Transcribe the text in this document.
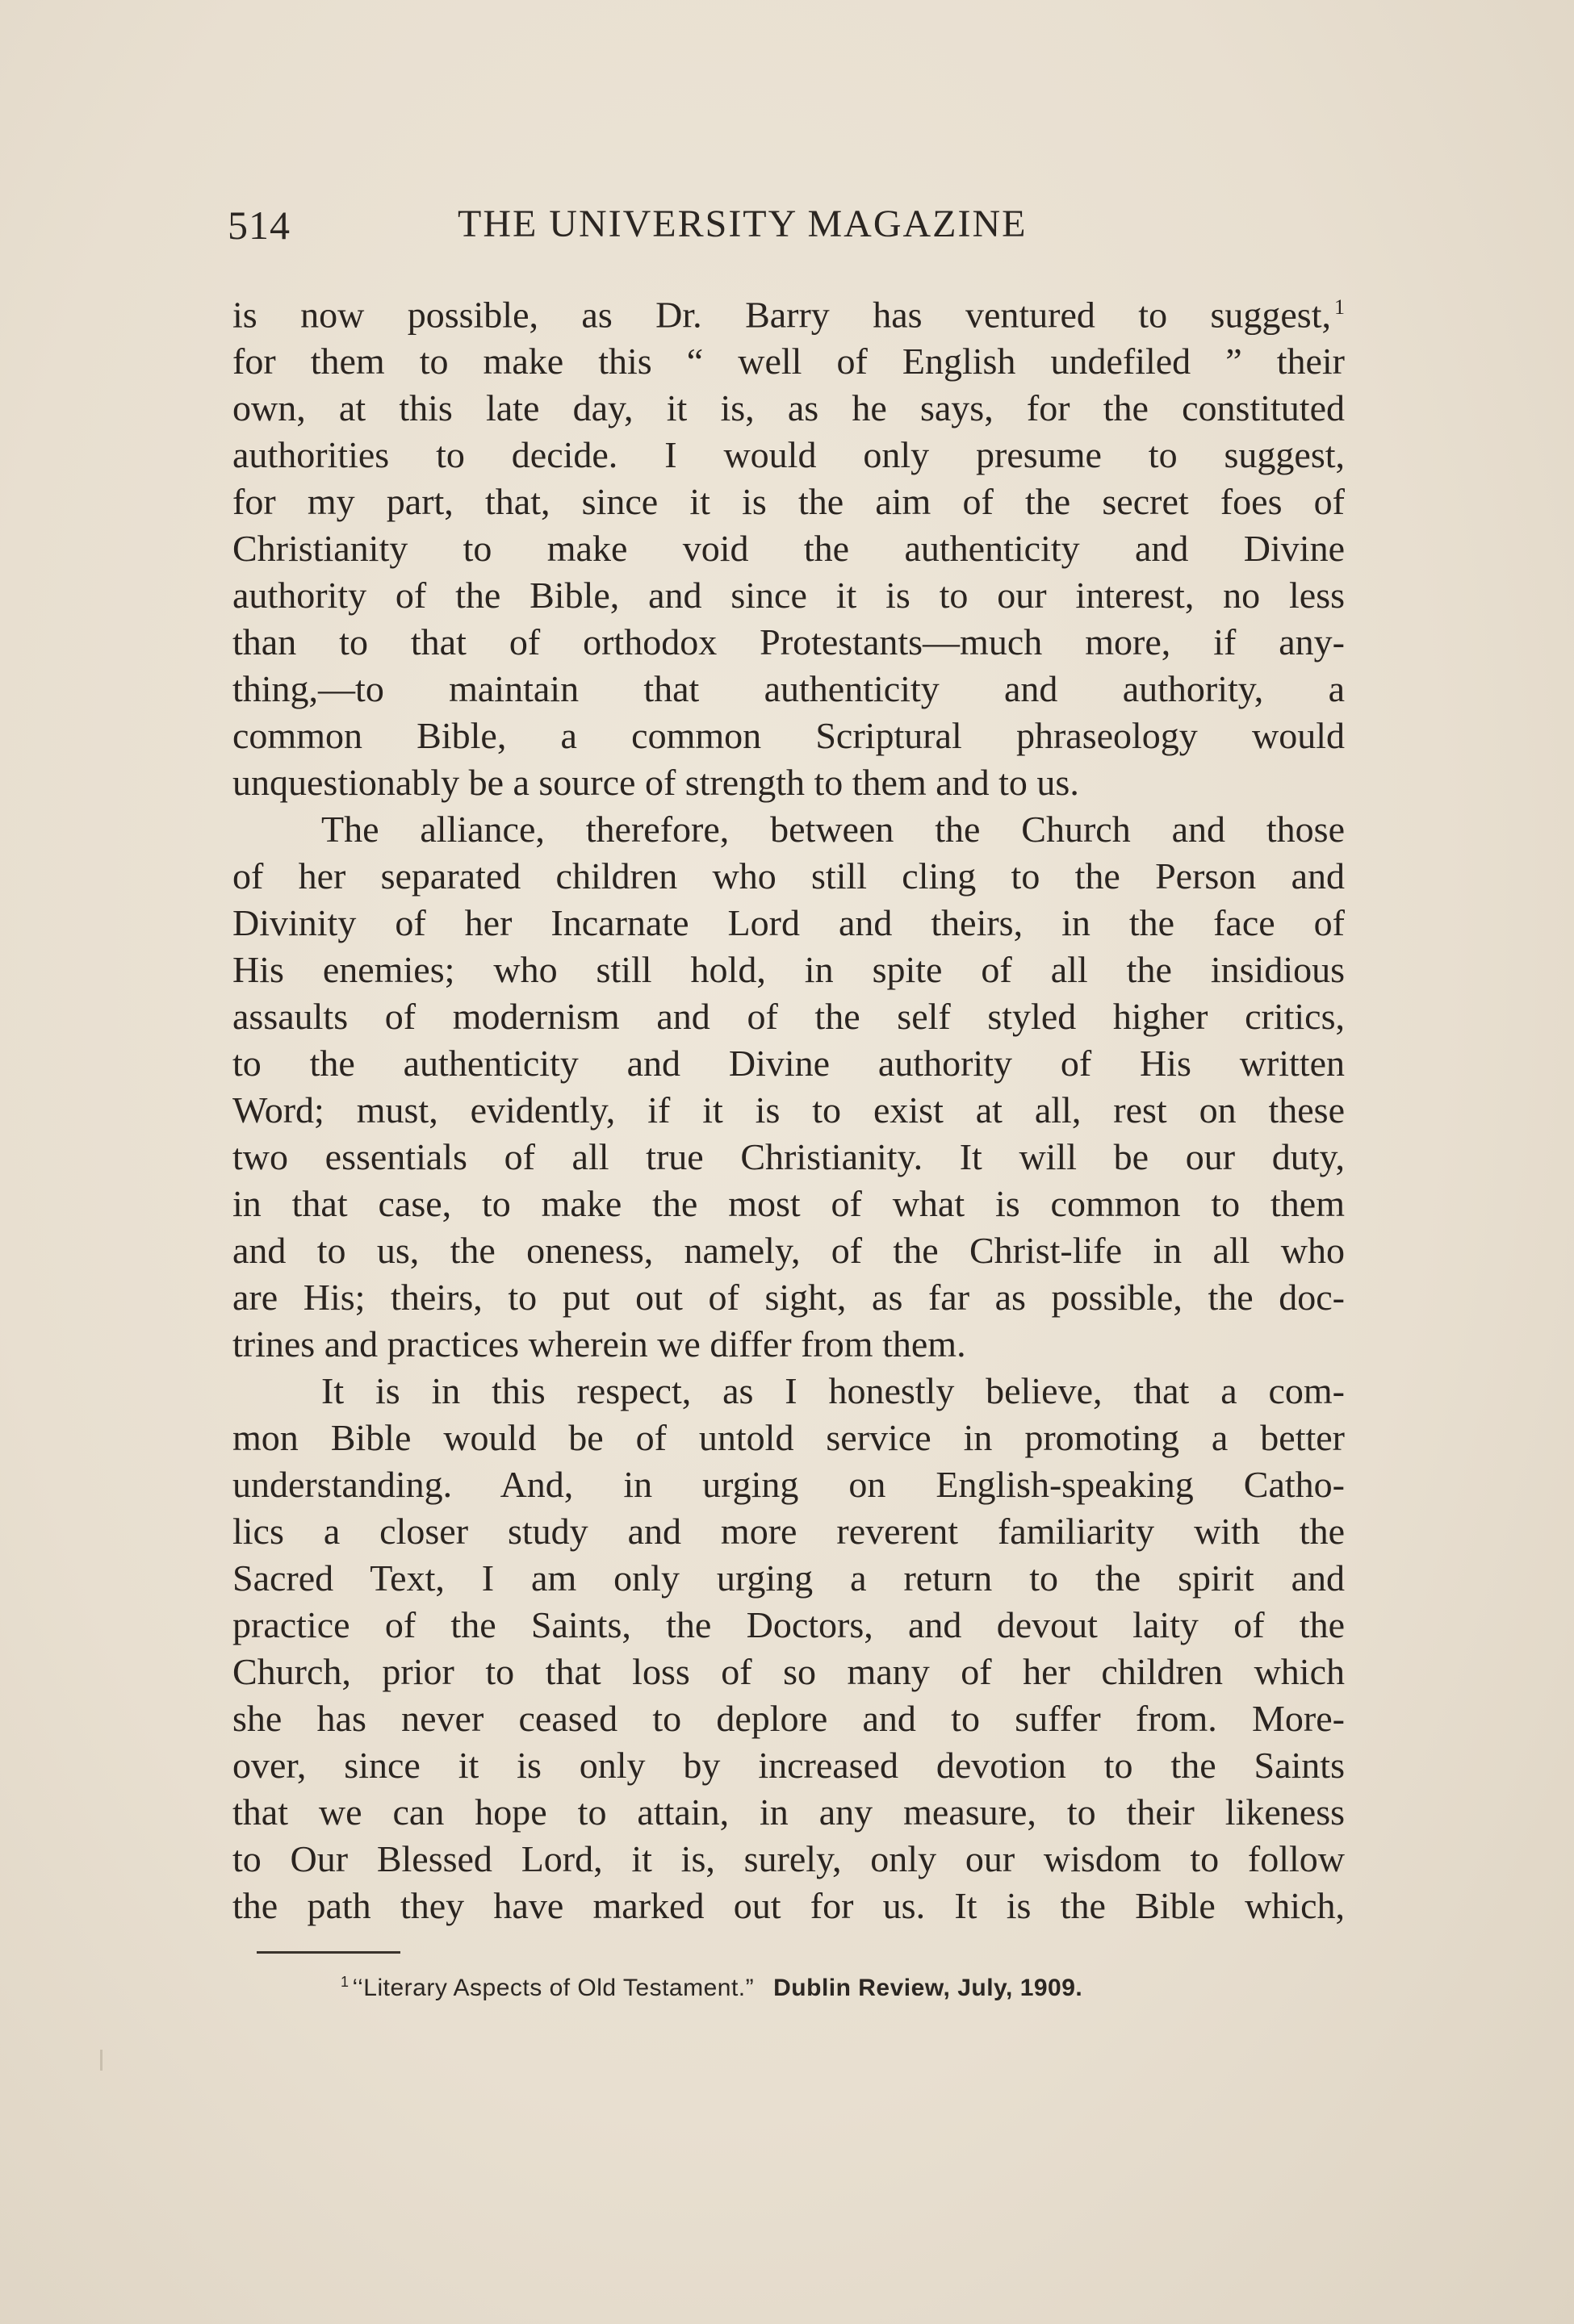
514	THE UNIVERSITY MAGAZINE
is now possible, as Dr. Barry has ventured to suggest, $^1$
for them to make this “ well of English undefiled ” their
own, at this late day, it is, as he says, for the constituted
authorities to decide. I would only presume to suggest,
for my part, that, since it is the aim of the secret foes of
Christianity to make void the authenticity and Divine
authority of the Bible, and since it is to our interest, no less
than to that of orthodox Protestants—much more, if any-
thing,—to maintain that authenticity and authority, a
common Bible, a common Scriptural phraseology would
unquestionably be a source of strength to them and to us.
The alliance, therefore, between the Church and those
of her separated children who still cling to the Person and
Divinity of her Incarnate Lord and theirs, in the face of
His enemies; who still hold, in spite of all the insidious
assaults of modernism and of the self styled higher critics,
to the authenticity and Divine authority of His written
Word; must, evidently, if it is to exist at all, rest on these
two essentials of all true Christianity. It will be our duty,
in that case, to make the most of what is common to them
and to us, the oneness, namely, of the Christ-life in all who
are His; theirs, to put out of sight, as far as possible, the doc-
trines and practices wherein we differ from them.
It is in this respect, as I honestly believe, that a com-
mon Bible would be of untold service in promoting a better
understanding. And, in urging on English-speaking Catho-
lics a closer study and more reverent familiarity with the
Sacred Text, I am only urging a return to the spirit and
practice of the Saints, the Doctors, and devout laity of the
Church, prior to that loss of so many of her children which
she has never ceased to deplore and to suffer from. More-
over, since it is only by increased devotion to the Saints
that we can hope to attain, in any measure, to their likeness
to Our Blessed Lord, it is, surely, only our wisdom to follow
the path they have marked out for us. It is the Bible which,
$^1$ ‘‘Literary Aspects of Old Testament.” Dublin Review, July, 1909.
